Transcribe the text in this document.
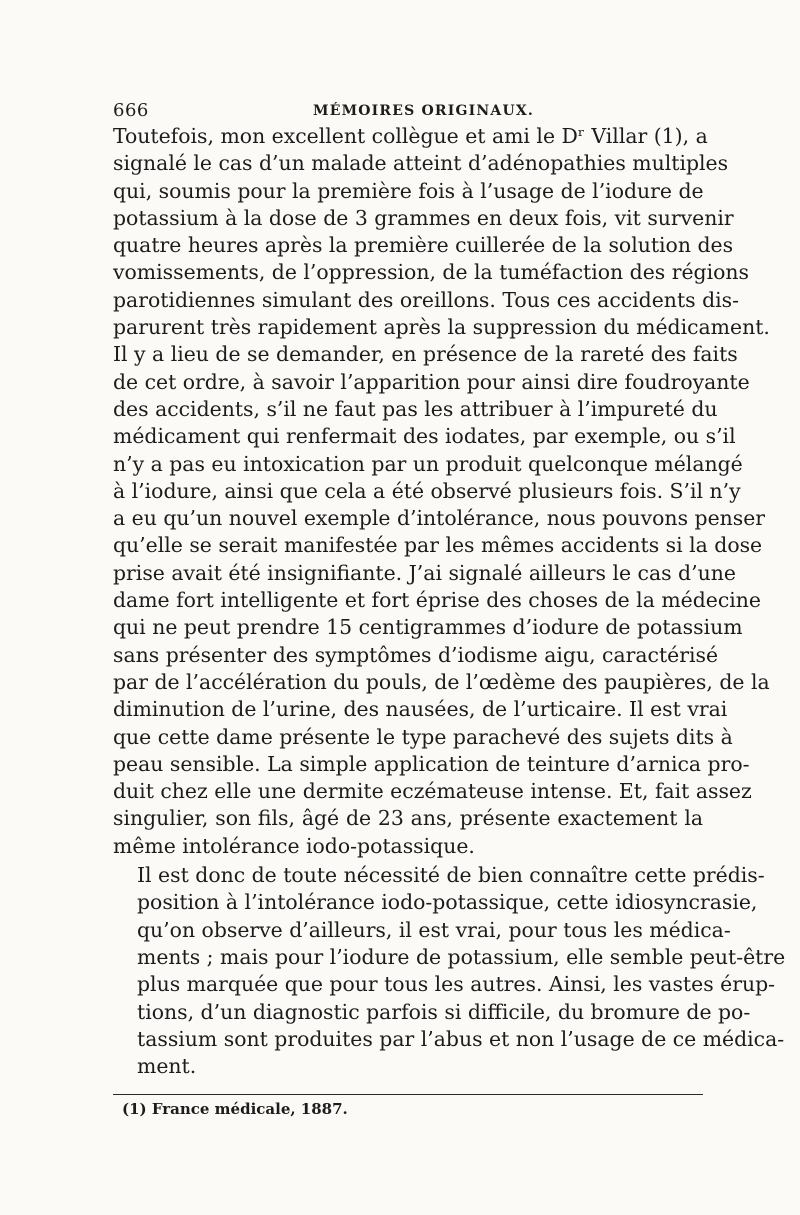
666	MÉMOIRES ORIGINAUX.

Toutefois, mon excellent collègue et ami le Dʳ Villar (1), a
signalé le cas d’un malade atteint d’adénopathies multiples
qui, soumis pour la première fois à l’usage de l’iodure de
potassium à la dose de 3 grammes en deux fois, vit survenir
quatre heures après la première cuillerée de la solution des
vomissements, de l’oppression, de la tuméfaction des régions
parotidiennes simulant des oreillons. Tous ces accidents dis-
parurent très rapidement après la suppression du médicament.
Il y a lieu de se demander, en présence de la rareté des faits
de cet ordre, à savoir l’apparition pour ainsi dire foudroyante
des accidents, s’il ne faut pas les attribuer à l’impureté du
médicament qui renfermait des iodates, par exemple, ou s’il
n’y a pas eu intoxication par un produit quelconque mélangé
à l’iodure, ainsi que cela a été observé plusieurs fois. S’il n’y
a eu qu’un nouvel exemple d’intolérance, nous pouvons penser
qu’elle se serait manifestée par les mêmes accidents si la dose
prise avait été insignifiante. J’ai signalé ailleurs le cas d’une
dame fort intelligente et fort éprise des choses de la médecine
qui ne peut prendre 15 centigrammes d’iodure de potassium
sans présenter des symptômes d’iodisme aigu, caractérisé
par de l’accélération du pouls, de l’œdème des paupières, de la
diminution de l’urine, des nausées, de l’urticaire. Il est vrai
que cette dame présente le type parachevé des sujets dits à
peau sensible. La simple application de teinture d’arnica pro-
duit chez elle une dermite eczémateuse intense. Et, fait assez
singulier, son fils, âgé de 23 ans, présente exactement la
même intolérance iodo-potassique.

Il est donc de toute nécessité de bien connaître cette prédis-
position à l’intolérance iodo-potassique, cette idiosyncrasie,
qu’on observe d’ailleurs, il est vrai, pour tous les médica-
ments ; mais pour l’iodure de potassium, elle semble peut-être
plus marquée que pour tous les autres. Ainsi, les vastes érup-
tions, d’un diagnostic parfois si difficile, du bromure de po-
tassium sont produites par l’abus et non l’usage de ce médica-
ment.

(1) France médicale, 1887.
